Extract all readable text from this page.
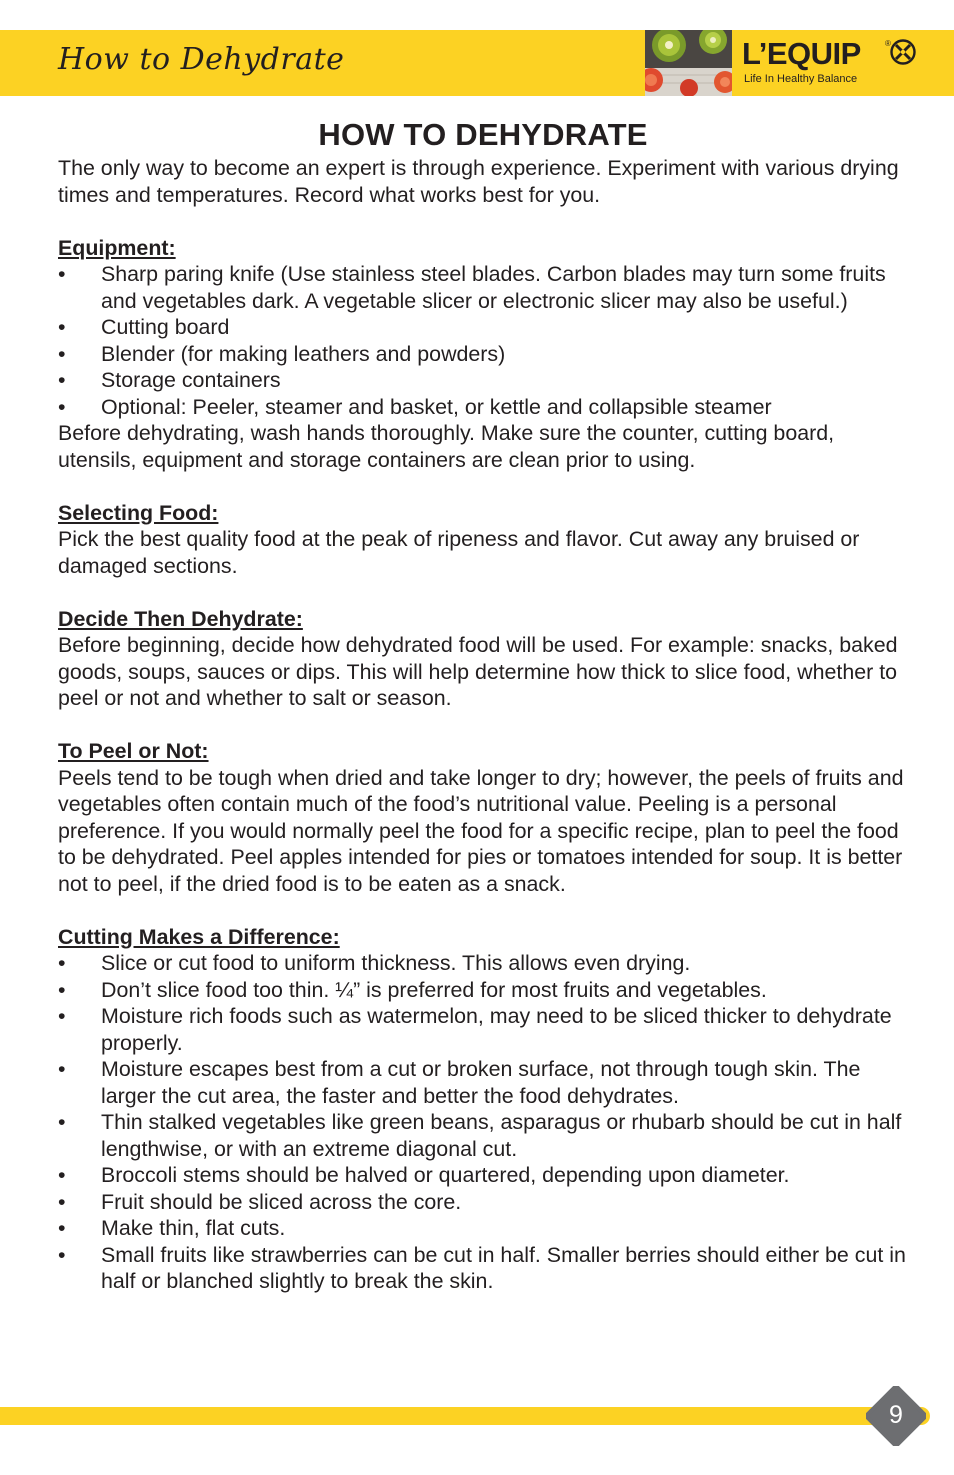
How to Dehydrate	L’EQUIP	®
Life In Healthy Balance
HOW TO DEHYDRATE

The only way to become an expert is through experience. Experiment with various drying times and temperatures. Record what works best for you.

Equipment:
• Sharp paring knife (Use stainless steel blades. Carbon blades may turn some fruits and vegetables dark. A vegetable slicer or electronic slicer may also be useful.)
• Cutting board
• Blender (for making leathers and powders)
• Storage containers
• Optional: Peeler, steamer and basket, or kettle and collapsible steamer

Before dehydrating, wash hands thoroughly. Make sure the counter, cutting board, utensils, equipment and storage containers are clean prior to using.

Selecting Food:

Pick the best quality food at the peak of ripeness and flavor. Cut away any bruised or damaged sections.

Decide Then Dehydrate:

Before beginning, decide how dehydrated food will be used. For example: snacks, baked goods, soups, sauces or dips. This will help determine how thick to slice food, whether to peel or not and whether to salt or season.

To Peel or Not:

Peels tend to be tough when dried and take longer to dry; however, the peels of fruits and vegetables often contain much of the food’s nutritional value. Peeling is a personal preference. If you would normally peel the food for a specific recipe, plan to peel the food to be dehydrated. Peel apples intended for pies or tomatoes intended for soup. It is better not to peel, if the dried food is to be eaten as a snack.

Cutting Makes a Difference:
• Slice or cut food to uniform thickness. This allows even drying.
• Don’t slice food too thin. ¼” is preferred for most fruits and vegetables.
• Moisture rich foods such as watermelon, may need to be sliced thicker to dehydrate properly.
• Moisture escapes best from a cut or broken surface, not through tough skin. The larger the cut area, the faster and better the food dehydrates.
• Thin stalked vegetables like green beans, asparagus or rhubarb should be cut in half lengthwise, or with an extreme diagonal cut.
• Broccoli stems should be halved or quartered, depending upon diameter.
• Fruit should be sliced across the core.
• Make thin, flat cuts.
• Small fruits like strawberries can be cut in half. Smaller berries should either be cut in half or blanched slightly to break the skin.
9
